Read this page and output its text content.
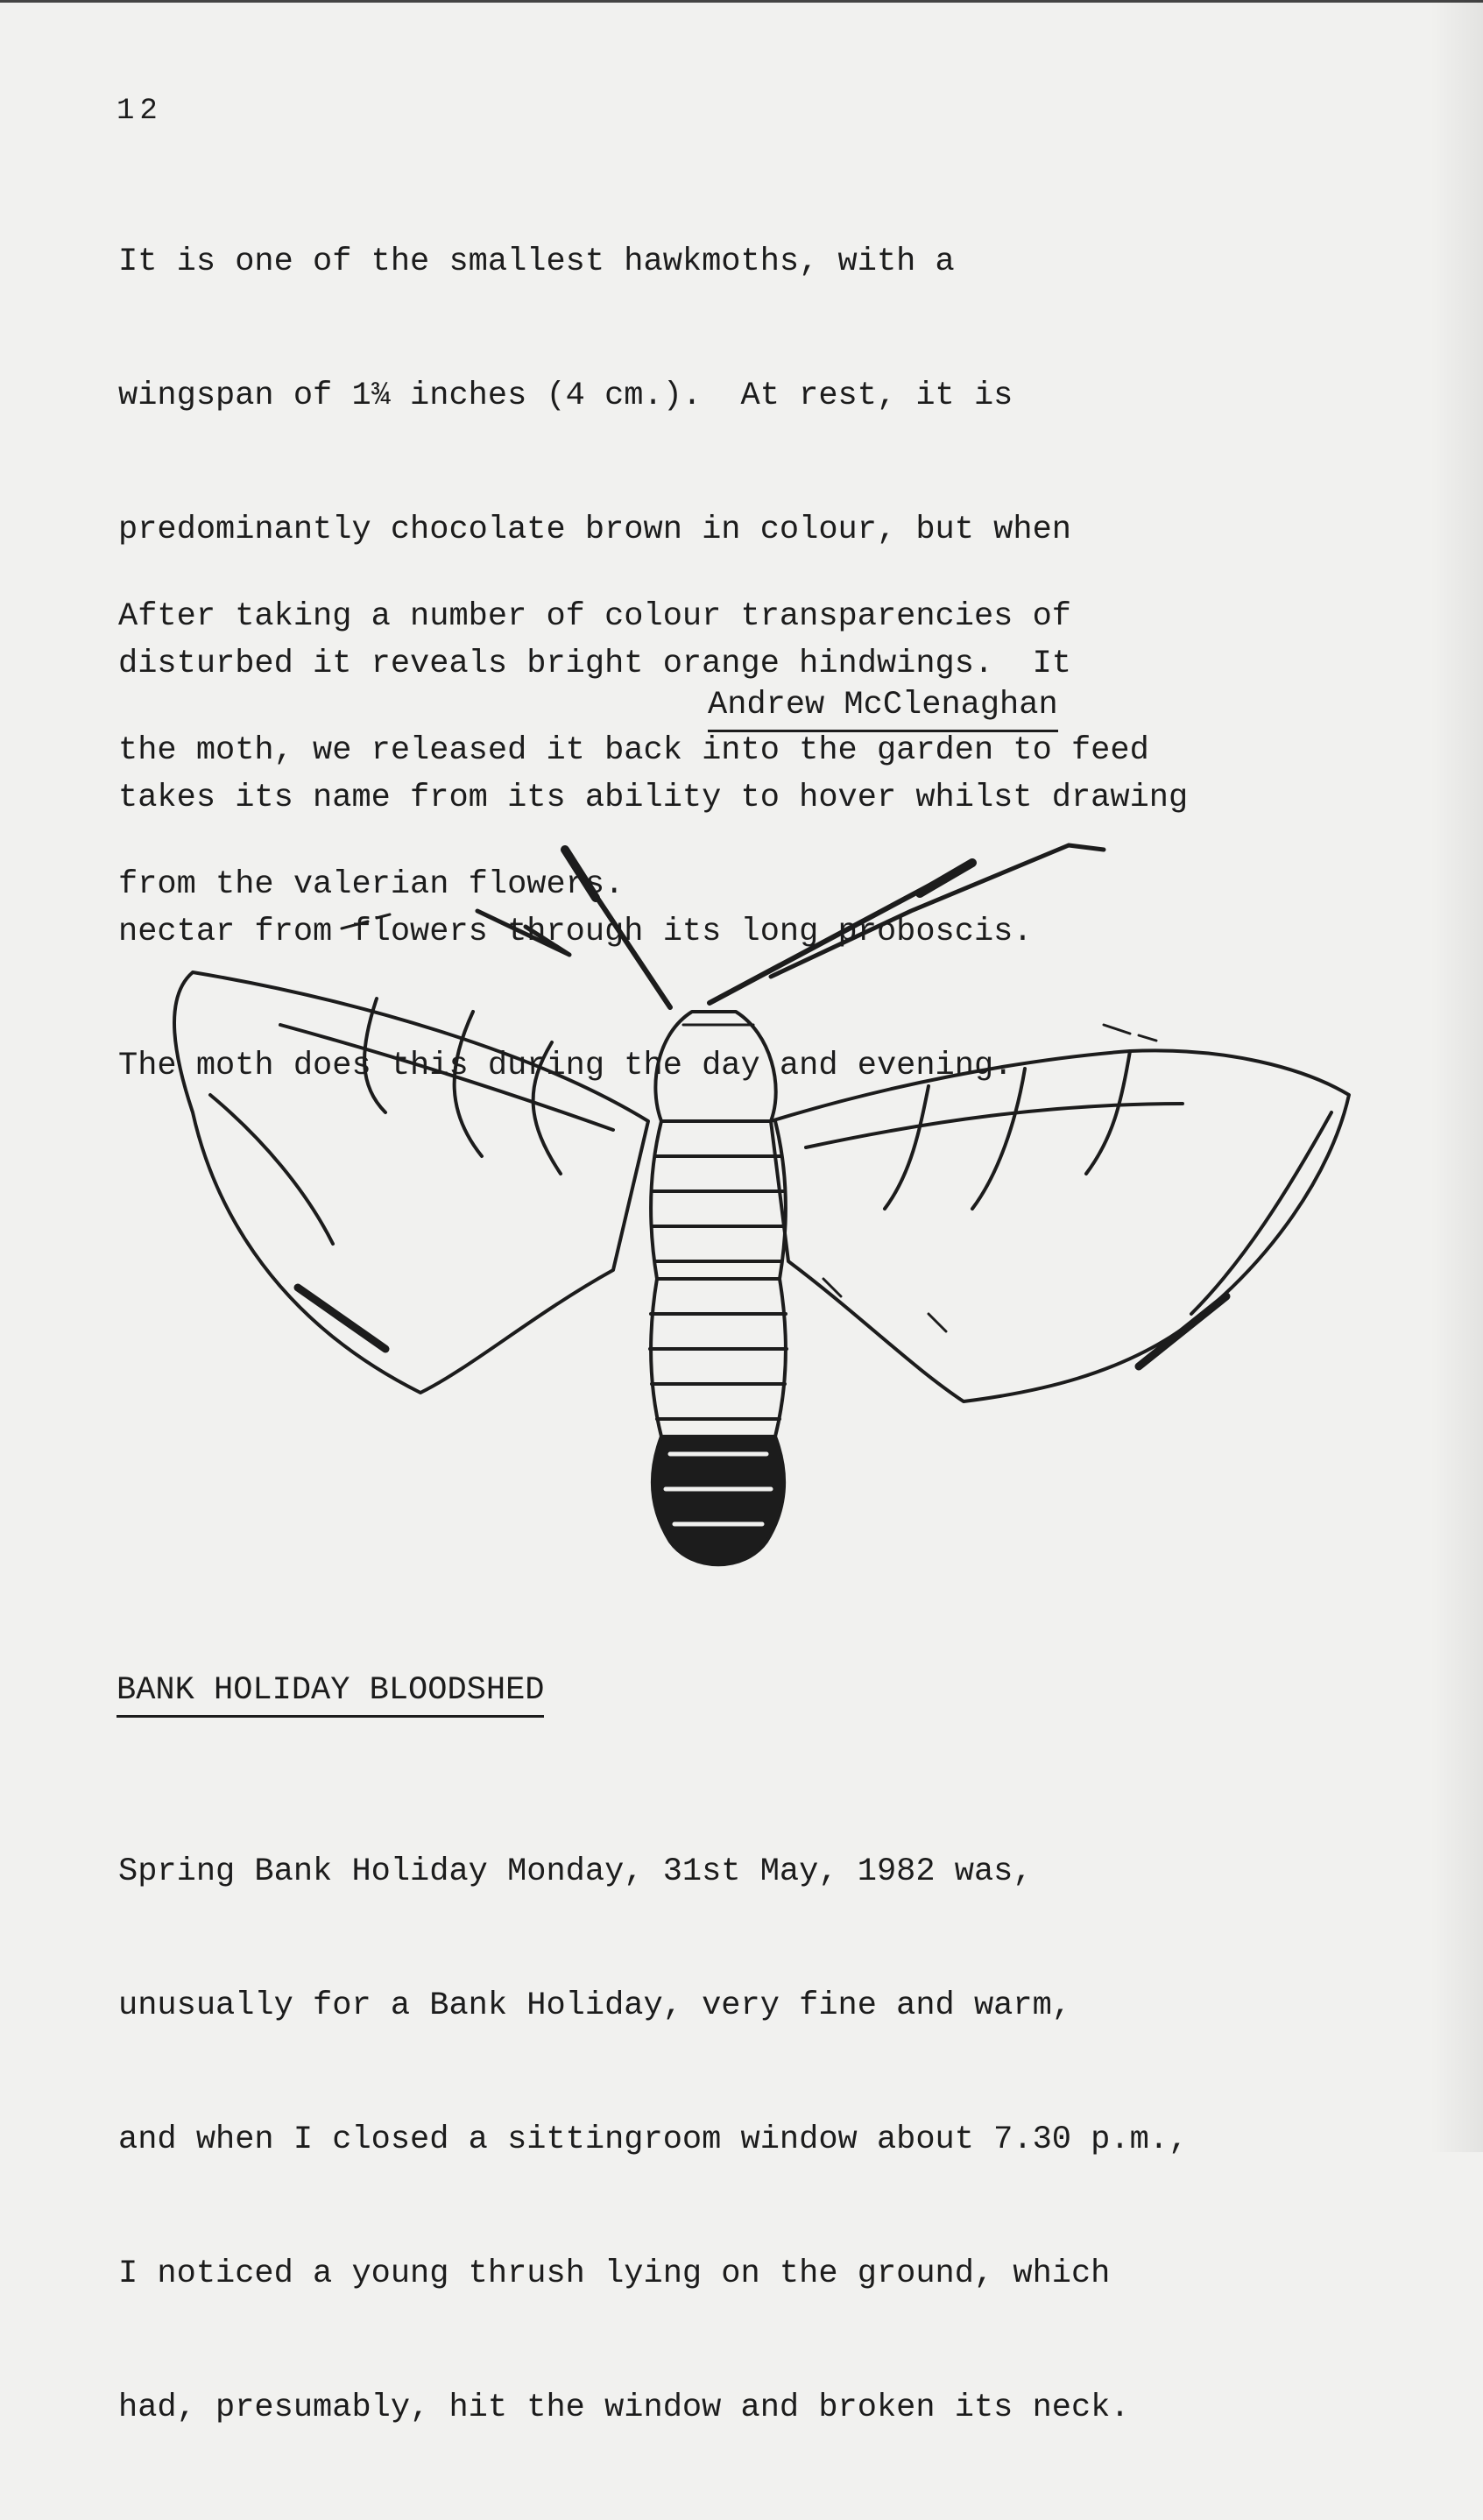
12

It is one of the smallest hawkmoths, with a

wingspan of 1¾ inches (4 cm.).  At rest, it is

predominantly chocolate brown in colour, but when

disturbed it reveals bright orange hindwings.  It

takes its name from its ability to hover whilst drawing

nectar from flowers through its long proboscis.

The moth does this during the day and evening.

After taking a number of colour transparencies of

the moth, we released it back into the garden to feed

from the valerian flowers.

Andrew McClenaghan
BANK HOLIDAY BLOODSHED

Spring Bank Holiday Monday, 31st May, 1982 was,

unusually for a Bank Holiday, very fine and warm,

and when I closed a sittingroom window about 7.30 p.m.,

I noticed a young thrush lying on the ground, which

had, presumably, hit the window and broken its neck.
